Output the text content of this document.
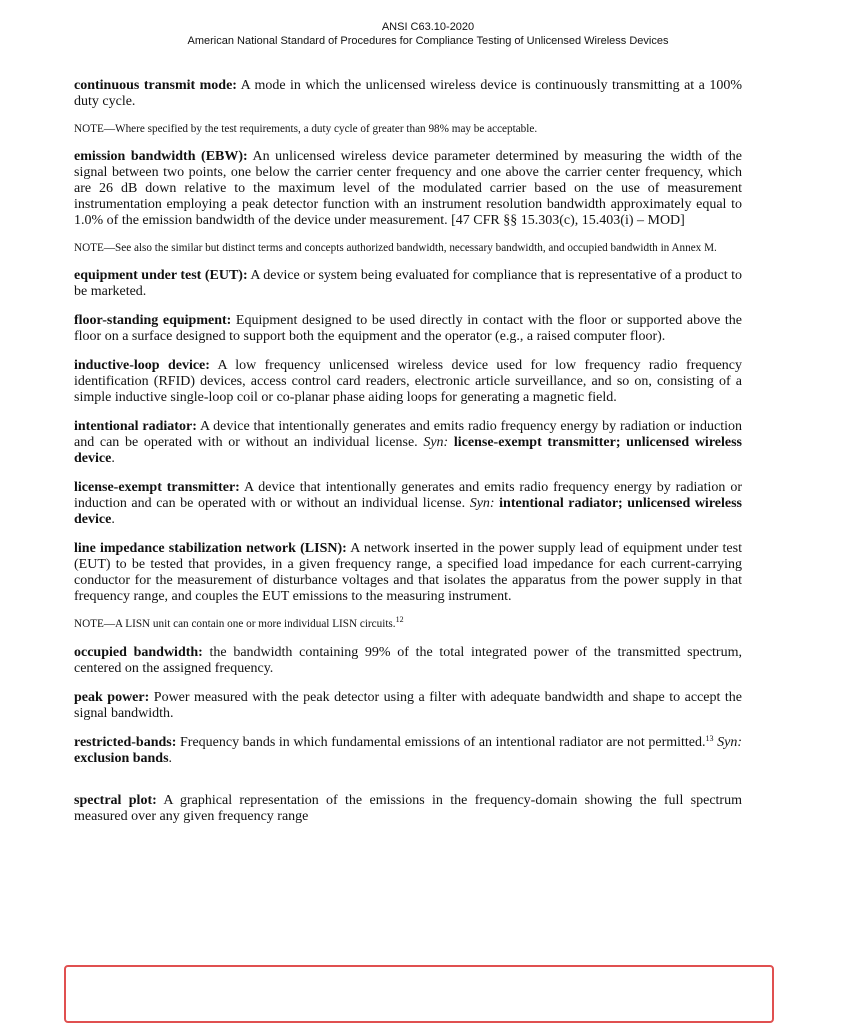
ANSI C63.10-2020
American National Standard of Procedures for Compliance Testing of Unlicensed Wireless Devices

continuous transmit mode: A mode in which the unlicensed wireless device is continuously transmitting at a 100% duty cycle.

NOTE—Where specified by the test requirements, a duty cycle of greater than 98% may be acceptable.

emission bandwidth (EBW): An unlicensed wireless device parameter determined by measuring the width of the signal between two points, one below the carrier center frequency and one above the carrier center frequency, which are 26 dB down relative to the maximum level of the modulated carrier based on the use of measurement instrumentation employing a peak detector function with an instrument resolution bandwidth approximately equal to 1.0% of the emission bandwidth of the device under measurement. [47 CFR §§ 15.303(c), 15.403(i) – MOD]

NOTE—See also the similar but distinct terms and concepts authorized bandwidth, necessary bandwidth, and occupied bandwidth in Annex M.

equipment under test (EUT): A device or system being evaluated for compliance that is representative of a product to be marketed.

floor-standing equipment: Equipment designed to be used directly in contact with the floor or supported above the floor on a surface designed to support both the equipment and the operator (e.g., a raised computer floor).

inductive-loop device: A low frequency unlicensed wireless device used for low frequency radio frequency identification (RFID) devices, access control card readers, electronic article surveillance, and so on, consisting of a simple inductive single-loop coil or co-planar phase aiding loops for generating a magnetic field.

intentional radiator: A device that intentionally generates and emits radio frequency energy by radiation or induction and can be operated with or without an individual license. Syn: license-exempt transmitter; unlicensed wireless device.

license-exempt transmitter: A device that intentionally generates and emits radio frequency energy by radiation or induction and can be operated with or without an individual license. Syn: intentional radiator; unlicensed wireless device.

line impedance stabilization network (LISN): A network inserted in the power supply lead of equipment under test (EUT) to be tested that provides, in a given frequency range, a specified load impedance for each current-carrying conductor for the measurement of disturbance voltages and that isolates the apparatus from the power supply in that frequency range, and couples the EUT emissions to the measuring instrument.

NOTE—A LISN unit can contain one or more individual LISN circuits.$^{12}$

occupied bandwidth: the bandwidth containing 99% of the total integrated power of the transmitted spectrum, centered on the assigned frequency.

peak power: Power measured with the peak detector using a filter with adequate bandwidth and shape to accept the signal bandwidth.

restricted-bands: Frequency bands in which fundamental emissions of an intentional radiator are not permitted.$^{13}$ Syn: exclusion bands.

spectral plot: A graphical representation of the emissions in the frequency-domain showing the full spectrum measured over any given frequency range
